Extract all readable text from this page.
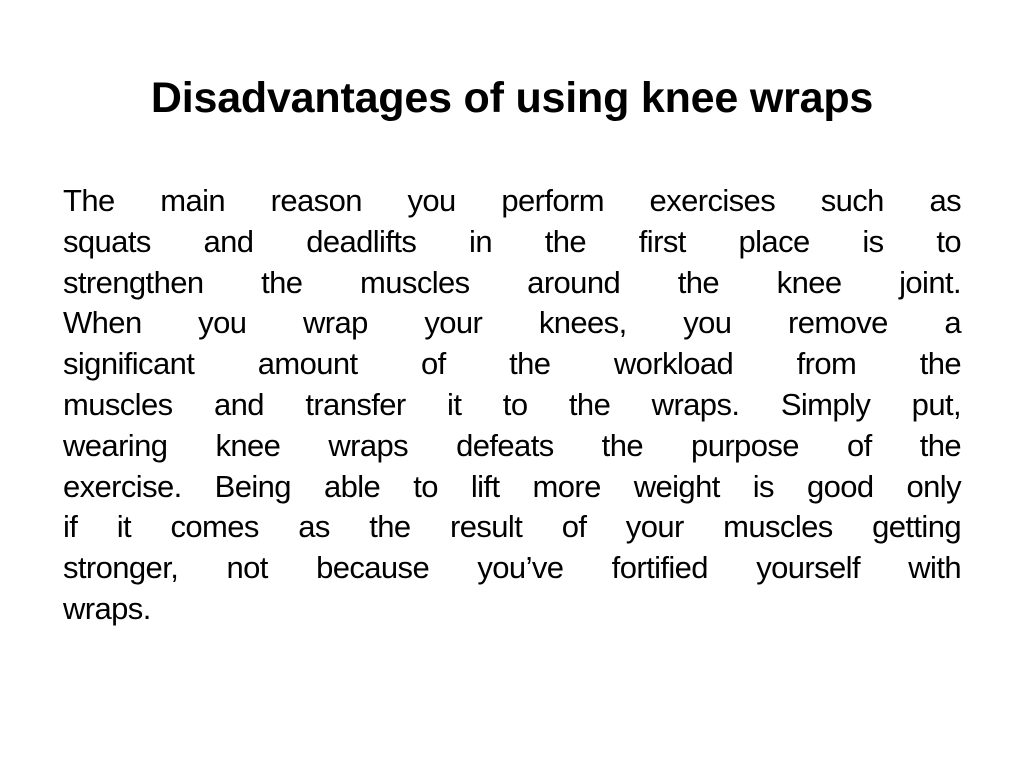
Disadvantages of using knee wraps

The main reason you perform exercises such as
squats and deadlifts in the first place is to
strengthen the muscles around the knee joint.
When you wrap your knees, you remove a
significant amount of the workload from the
muscles and transfer it to the wraps. Simply put,
wearing knee wraps defeats the purpose of the
exercise. Being able to lift more weight is good only
if it comes as the result of your muscles getting
stronger, not because you’ve fortified yourself with
wraps.
